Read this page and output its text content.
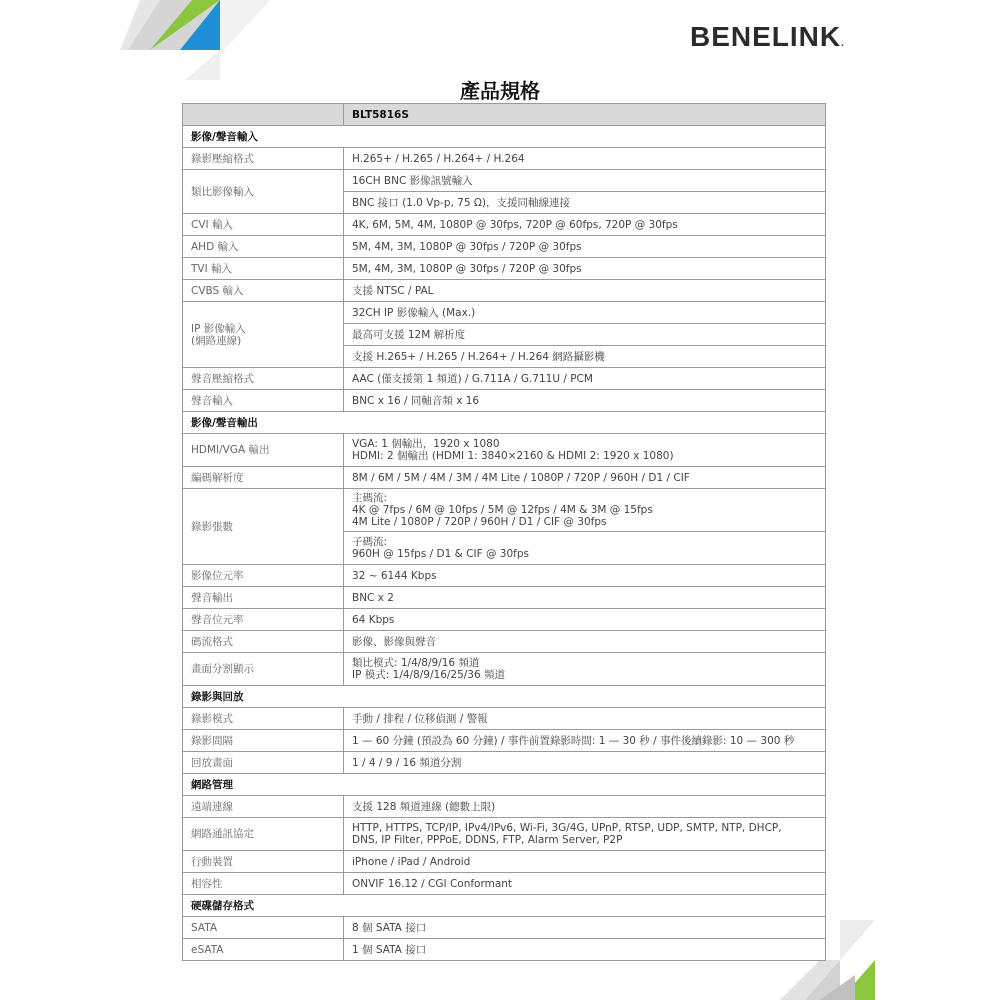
BENELINK.
產品規格
	BLT5816S
影像/聲音輸入	
錄影壓縮格式	H.265+ / H.265 / H.264+ / H.264
類比影像輸入	16CH BNC 影像訊號輸入
	BNC 接口 (1.0 Vp-p, 75 Ω)，支援同軸線連接
CVI 輸入	4K, 6M, 5M, 4M, 1080P @ 30fps, 720P @ 60fps, 720P @ 30fps
AHD 輸入	5M, 4M, 3M, 1080P @ 30fps / 720P @ 30fps
TVI 輸入	5M, 4M, 3M, 1080P @ 30fps / 720P @ 30fps
CVBS 輸入	支援 NTSC / PAL
IP 影像輸入
(網路連線)	32CH IP 影像輸入 (Max.)
	最高可支援 12M 解析度
	支援 H.265+ / H.265 / H.264+ / H.264 網路攝影機
聲音壓縮格式	AAC (僅支援第 1 頻道) / G.711A / G.711U / PCM
聲音輸入	BNC x 16 / 同軸音頻 x 16
影像/聲音輸出	
HDMI/VGA 輸出	VGA: 1 個輸出，1920 x 1080
HDMI: 2 個輸出 (HDMI 1: 3840×2160 & HDMI 2: 1920 x 1080)
編碼解析度	8M / 6M / 5M / 4M / 3M / 4M Lite / 1080P / 720P / 960H / D1 / CIF
錄影張數	主碼流:
4K @ 7fps / 6M @ 10fps / 5M @ 12fps / 4M & 3M @ 15fps
4M Lite / 1080P / 720P / 960H / D1 / CIF @ 30fps
	子碼流:
960H @ 15fps / D1 & CIF @ 30fps
影像位元率	32 ~ 6144 Kbps
聲音輸出	BNC x 2
聲音位元率	64 Kbps
碼流格式	影像、影像與聲音
畫面分割顯示	類比模式: 1/4/8/9/16 頻道
IP 模式: 1/4/8/9/16/25/36 頻道
錄影與回放	
錄影模式	手動 / 排程 / 位移偵測 / 警報
錄影間隔	1 — 60 分鐘 (預設為 60 分鐘) / 事件前置錄影時間: 1 — 30 秒 / 事件後續錄影: 10 — 300 秒
回放畫面	1 / 4 / 9 / 16 頻道分割
網路管理	
遠端連線	支援 128 頻道連線 (總數上限)
網路通訊協定	HTTP, HTTPS, TCP/IP, IPv4/IPv6, Wi-Fi, 3G/4G, UPnP, RTSP, UDP, SMTP, NTP, DHCP,
DNS, IP Filter, PPPoE, DDNS, FTP, Alarm Server, P2P
行動裝置	iPhone / iPad / Android
相容性	ONVIF 16.12 / CGI Conformant
硬碟儲存格式	
SATA	8 個 SATA 接口
eSATA	1 個 SATA 接口
